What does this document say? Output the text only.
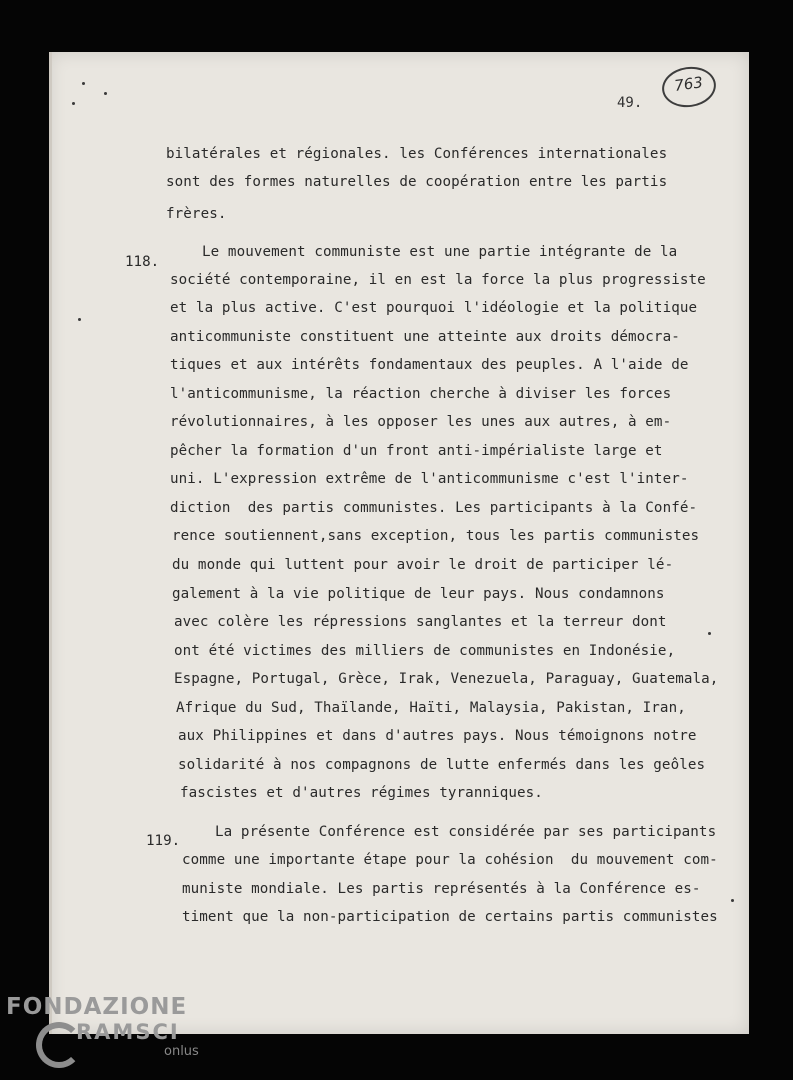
49.
763
bilatérales et régionales. les Conférences internationales
sont des formes naturelles de coopération entre les partis
frères.
118.
Le mouvement communiste est une partie intégrante de la
société contemporaine, il en est la force la plus progressiste
et la plus active. C'est pourquoi l'idéologie et la politique
anticommuniste constituent une atteinte aux droits démocra-
tiques et aux intérêts fondamentaux des peuples. A l'aide de
l'anticommunisme, la réaction cherche à diviser les forces
révolutionnaires, à les opposer les unes aux autres, à em-
pêcher la formation d'un front anti-impérialiste large et
uni. L'expression extrême de l'anticommunisme c'est l'inter-
diction  des partis communistes. Les participants à la Confé-
rence soutiennent,sans exception, tous les partis communistes
du monde qui luttent pour avoir le droit de participer lé-
galement à la vie politique de leur pays. Nous condamnons
avec colère les répressions sanglantes et la terreur dont
ont été victimes des milliers de communistes en Indonésie,
Espagne, Portugal, Grèce, Irak, Venezuela, Paraguay, Guatemala,
Afrique du Sud, Thaïlande, Haïti, Malaysia, Pakistan, Iran,
aux Philippines et dans d'autres pays. Nous témoignons notre
solidarité à nos compagnons de lutte enfermés dans les geôles
fascistes et d'autres régimes tyranniques.
119.
La présente Conférence est considérée par ses participants
comme une importante étape pour la cohésion  du mouvement com-
muniste mondiale. Les partis représentés à la Conférence es-
timent que la non-participation de certains partis communistes
FONDAZIONE
RAMSCI
onlus
